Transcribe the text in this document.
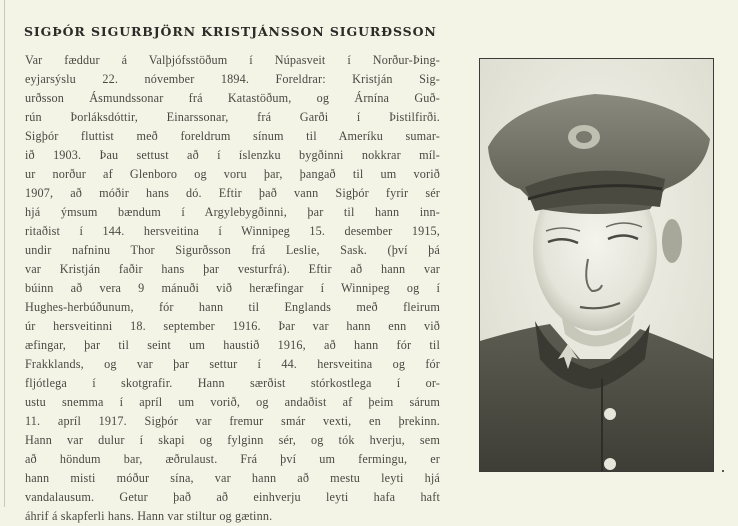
SIGÞÓR SIGURBJÖRN KRISTJÁNSSON SIGURÐSSON
Var fæddur á Valþjófsstöðum í Núpasveit í Norður-Þing-
eyjarsýslu 22. nóvember 1894. Foreldrar: Kristján Sig-
urðsson Ásmundssonar frá Katastöðum, og Árnína Guð-
rún Þorláksdóttir, Einarssonar, frá Garði í Þistilfirði.
Sigþór fluttist með foreldrum sínum til Ameríku sumar-
ið 1903. Þau settust að í íslenzku bygðinni nokkrar míl-
ur norður af Glenboro og voru þar, þangað til um vorið
1907, að móðir hans dó. Eftir það vann Sigþór fyrir sér
hjá ýmsum bændum í Argylebygðinni, þar til hann inn-
ritaðist í 144. hersveitina í Winnipeg 15. desember 1915,
undir nafninu Thor Sigurðsson frá Leslie, Sask. (því þá
var Kristján faðir hans þar vesturfrá). Eftir að hann var
búinn að vera 9 mánuði við heræfingar í Winnipeg og í
Hughes-herbúðunum, fór hann til Englands með fleirum
úr hersveitinni 18. september 1916. Þar var hann enn við
æfingar, þar til seint um haustið 1916, að hann fór til
Frakklands, og var þar settur í 44. hersveitina og fór
fljótlega í skotgrafir. Hann særðist stórkostlega í or-
ustu snemma í apríl um vorið, og andaðist af þeim sárum
11. apríl 1917. Sigþór var fremur smár vexti, en þrekinn.
Hann var dulur í skapi og fylginn sér, og tók hverju, sem
að höndum bar, æðrulaust. Frá því um fermingu, er
hann misti móður sína, var hann að mestu leyti hjá
vandalausum. Getur það að einhverju leyti hafa haft
áhrif á skapferli hans. Hann var stiltur og gætinn.
